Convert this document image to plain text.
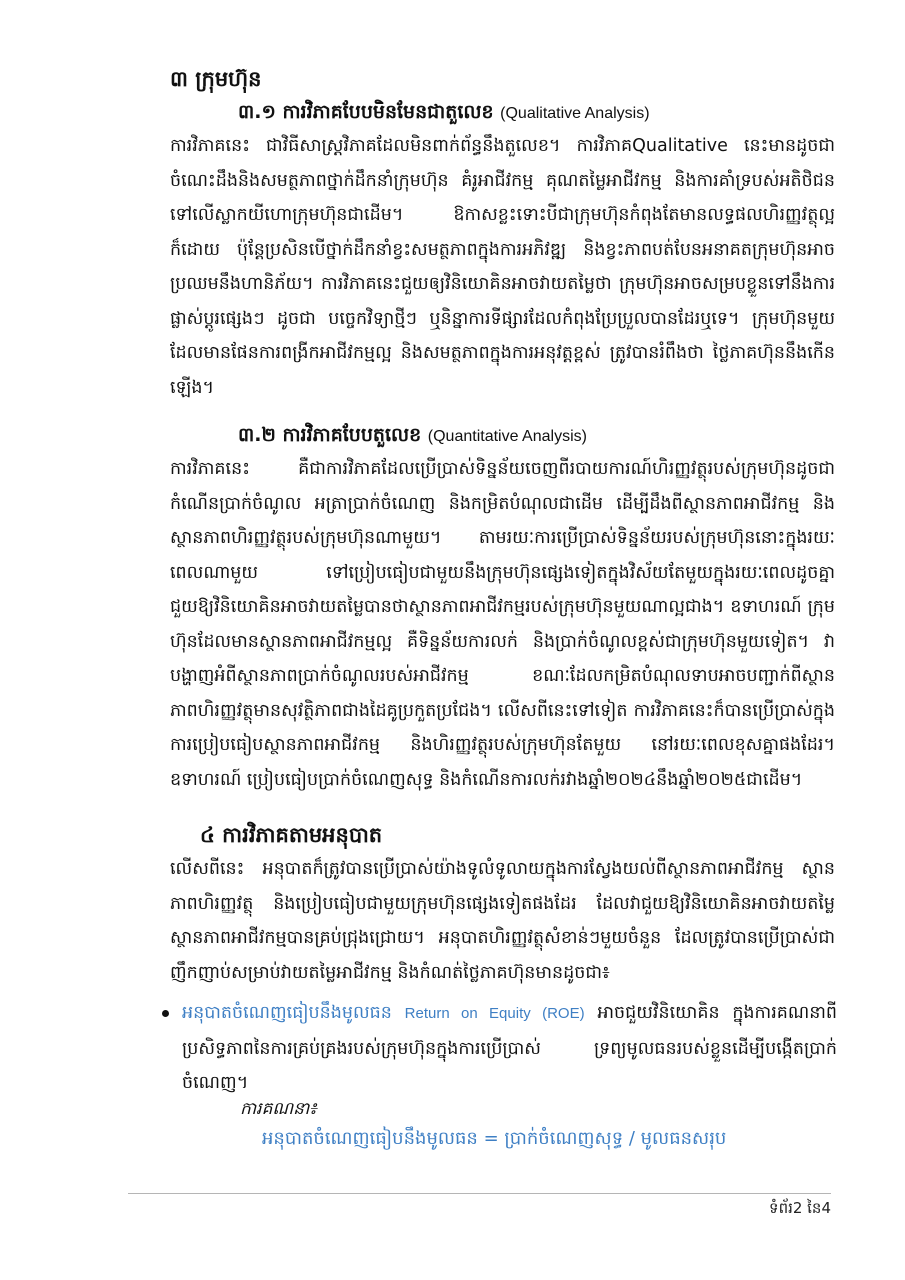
៣ ក្រុមហ៊ុន
៣.១ ការវិភាគបែបមិនមែនជាតួលេខ (Qualitative Analysis)

ការវិភាគនេះ ជាវិធីសាស្ត្រវិភាគដែលមិនពាក់ព័ន្ធនឹងតួលេខ។ ការវិភាគQualitative នេះមានដូចជា ចំណេះដឹងនិងសមត្ថភាពថ្នាក់ដឹកនាំក្រុមហ៊ុន គំរូអាជីវកម្ម គុណតម្លៃអាជីវកម្ម និងការគាំទ្របស់អតិថិជនទៅលើស្លាកយីហោក្រុមហ៊ុនជាដើម។ ឱកាសខ្លះទោះបីជាក្រុមហ៊ុនកំពុងតែមានលទ្ធផលហិរញ្ញវត្ថុល្អក៏ដោយ ប៉ុន្តែប្រសិនបើថ្នាក់ដឹកនាំខ្វះសមត្ថភាពក្នុងការអភិវឌ្ឍ និងខ្វះភាពបត់បែនអនាគតក្រុមហ៊ុនអាចប្រឈមនឹងហានិភ័យ។ ការវិភាគនេះជួយឲ្យវិនិយោគិនអាចវាយតម្លៃថា ក្រុមហ៊ុនអាចសម្របខ្លួនទៅនឹងការផ្លាស់ប្តូរផ្សេងៗ ដូចជា បច្ចេកវិទ្យាថ្មីៗ ឬនិន្នាការទីផ្សារដែលកំពុងប្រែប្រួលបានដែរឬទេ។ ក្រុមហ៊ុនមួយ ដែលមានផែនការពង្រីកអាជីវកម្មល្អ និងសមត្ថភាពក្នុងការអនុវត្តខ្ពស់ ត្រូវបានរំពឹងថា ថ្លៃភាគហ៊ុននឹងកើនឡើង។

៣.២ ការវិភាគបែបតួលេខ (Quantitative Analysis)

ការវិភាគនេះ គឺជាការវិភាគដែលប្រើប្រាស់ទិន្នន័យចេញពីរបាយការណ៍ហិរញ្ញវត្ថុរបស់ក្រុមហ៊ុនដូចជា កំណើនប្រាក់ចំណូល អត្រាប្រាក់ចំណេញ និងកម្រិតបំណុលជាដើម ដើម្បីដឹងពីស្ថានភាពអាជីវកម្ម និងស្ថានភាពហិរញ្ញវត្ថុរបស់ក្រុមហ៊ុនណាមួយ។ តាមរយៈការប្រើប្រាស់ទិន្នន័យរបស់ក្រុមហ៊ុននោះក្នុងរយៈពេលណាមួយ ទៅប្រៀបធៀបជាមួយនឹងក្រុមហ៊ុនផ្សេងទៀតក្នុងវិស័យតែមួយក្នុងរយៈពេលដូចគ្នា ជួយឱ្យវិនិយោគិនអាចវាយតម្លៃបានថាស្ថានភាពអាជីវកម្មរបស់ក្រុមហ៊ុនមួយណាល្អជាង។ ឧទាហរណ៍ ក្រុមហ៊ុនដែលមានស្ថានភាពអាជីវកម្មល្អ គឺទិន្នន័យការលក់ និងប្រាក់ចំណូលខ្ពស់ជាក្រុមហ៊ុនមួយទៀត។ វាបង្ហាញអំពីស្ថានភាពប្រាក់ចំណូលរបស់អាជីវកម្ម ខណៈដែលកម្រិតបំណុលទាបអាចបញ្ជាក់ពីស្ថានភាពហិរញ្ញវត្ថុមានសុវត្ថិភាពជាងដៃគូប្រកួតប្រជែង។ លើសពីនេះទៅទៀត ការវិភាគនេះក៏បានប្រើប្រាស់ក្នុងការប្រៀបធៀបស្ថានភាពអាជីវកម្ម និងហិរញ្ញវត្ថុរបស់ក្រុមហ៊ុនតែមួយ នៅរយៈពេលខុសគ្នាផងដែរ។ ឧទាហរណ៍ ប្រៀបធៀបប្រាក់ចំណេញសុទ្ធ និងកំណើនការលក់រវាងឆ្នាំ២០២៤នឹងឆ្នាំ២០២៥ជាដើម។

៤ ការវិភាគតាមអនុបាត

លើសពីនេះ អនុបាតក៏ត្រូវបានប្រើប្រាស់យ៉ាងទូលំទូលាយក្នុងការស្វែងយល់ពីស្ថានភាពអាជីវកម្ម ស្ថានភាពហិរញ្ញវត្ថុ និងប្រៀបធៀបជាមួយក្រុមហ៊ុនផ្សេងទៀតផងដែរ ដែលវាជួយឱ្យវិនិយោគិនអាចវាយតម្លៃស្ថានភាពអាជីវកម្មបានគ្រប់ជ្រុងជ្រោយ។ អនុបាតហិរញ្ញវត្ថុសំខាន់ៗមួយចំនួន ដែលត្រូវបានប្រើប្រាស់ជាញឹកញាប់សម្រាប់វាយតម្លៃអាជីវកម្ម និងកំណត់ថ្លៃភាគហ៊ុនមានដូចជា៖

អនុបាតចំណេញធៀបនឹងមូលធន Return on Equity (ROE) អាចជួយវិនិយោគិន ក្នុងការគណនាពីប្រសិទ្ធភាពនៃការគ្រប់គ្រងរបស់ក្រុមហ៊ុនក្នុងការប្រើប្រាស់ ទ្រព្យមូលធនរបស់ខ្លួនដើម្បីបង្កើតប្រាក់ចំណេញ។
ការគណនា៖
អនុបាតចំណេញធៀបនឹងមូលធន = ប្រាក់ចំណេញសុទ្ធ / មូលធនសរុប
ទំព័រ2 នៃ4
